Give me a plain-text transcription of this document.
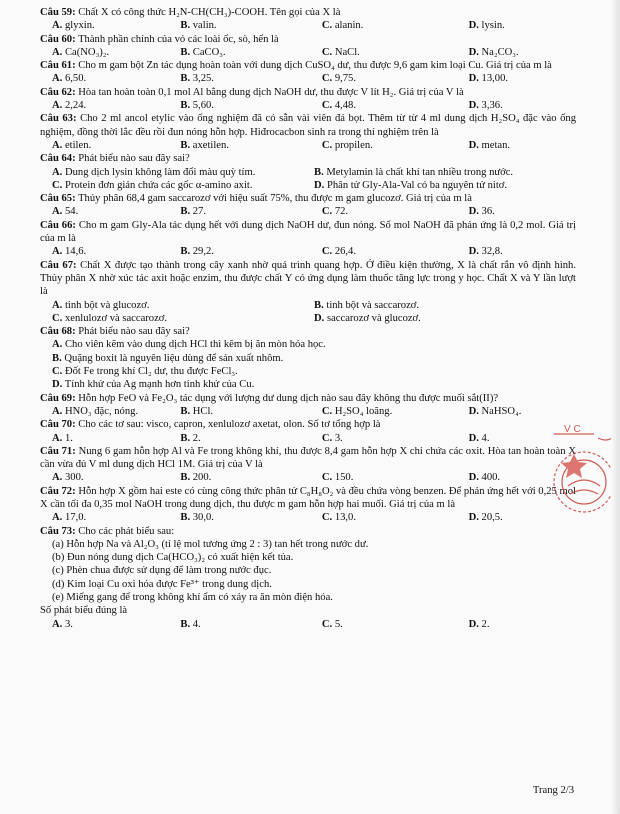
Câu 59: Chất X có công thức H₂N-CH(CH₃)-COOH. Tên gọi của X là

A. glyxin.	B. valin.	C. alanin.	D. lysin.

Câu 60: Thành phần chính của vỏ các loài ốc, sò, hến là

A. Ca(NO₃)₂.	B. CaCO₃.	C. NaCl.	D. Na₂CO₃.

Câu 61: Cho m gam bột Zn tác dụng hoàn toàn với dung dịch CuSO₄ dư, thu được 9,6 gam kim loại Cu. Giá trị của m là

A. 6,50.	B. 3,25.	C. 9,75.	D. 13,00.

Câu 62: Hòa tan hoàn toàn 0,1 mol Al bằng dung dịch NaOH dư, thu được V lít H₂. Giá trị của V là

A. 2,24.	B. 5,60.	C. 4,48.	D. 3,36.

Câu 63: Cho 2 ml ancol etylic vào ống nghiệm đã có sẵn vài viên đá bọt. Thêm từ từ 4 ml dung dịch H₂SO₄ đặc vào ống nghiệm, đồng thời lắc đều rồi đun nóng hỗn hợp. Hiđrocacbon sinh ra trong thí nghiệm trên là

A. etilen.	B. axetilen.	C. propilen.	D. metan.

Câu 64: Phát biểu nào sau đây sai?

A. Dung dịch lysin không làm đổi màu quỳ tím.	B. Metylamin là chất khí tan nhiều trong nước.
C. Protein đơn giản chứa các gốc α-amino axit.	D. Phân tử Gly-Ala-Val có ba nguyên tử nitơ.

Câu 65: Thủy phân 68,4 gam saccarozơ với hiệu suất 75%, thu được m gam glucozơ. Giá trị của m là

A. 54.	B. 27.	C. 72.	D. 36.

Câu 66: Cho m gam Gly-Ala tác dụng hết với dung dịch NaOH dư, đun nóng. Số mol NaOH đã phản ứng là 0,2 mol. Giá trị của m là

A. 14,6.	B. 29,2.	C. 26,4.	D. 32,8.

Câu 67: Chất X được tạo thành trong cây xanh nhờ quá trình quang hợp. Ở điều kiện thường, X là chất rắn vô định hình. Thủy phân X nhờ xúc tác axit hoặc enzim, thu được chất Y có ứng dụng làm thuốc tăng lực trong y học. Chất X và Y lần lượt là

A. tinh bột và glucozơ.	B. tinh bột và saccarozơ.
C. xenlulozơ và saccarozơ.	D. saccarozơ và glucozơ.

Câu 68: Phát biểu nào sau đây sai?

A. Cho viên kẽm vào dung dịch HCl thì kẽm bị ăn mòn hóa học.
B. Quặng boxit là nguyên liệu dùng để sản xuất nhôm.
C. Đốt Fe trong khí Cl₂ dư, thu được FeCl₃.
D. Tính khử của Ag mạnh hơn tính khử của Cu.

Câu 69: Hỗn hợp FeO và Fe₂O₃ tác dụng với lượng dư dung dịch nào sau đây không thu được muối sắt(II)?

A. HNO₃ đặc, nóng.	B. HCl.	C. H₂SO₄ loãng.	D. NaHSO₄.

Câu 70: Cho các tơ sau: visco, capron, xenlulozơ axetat, olon. Số tơ tổng hợp là

A. 1.	B. 2.	C. 3.	D. 4.

Câu 71: Nung 6 gam hỗn hợp Al và Fe trong không khí, thu được 8,4 gam hỗn hợp X chỉ chứa các oxit. Hòa tan hoàn toàn X cần vừa đủ V ml dung dịch HCl 1M. Giá trị của V là

A. 300.	B. 200.	C. 150.	D. 400.

Câu 72: Hỗn hợp X gồm hai este có cùng công thức phân tử C₈H₈O₂ và đều chứa vòng benzen. Để phản ứng hết với 0,25 mol X cần tối đa 0,35 mol NaOH trong dung dịch, thu được m gam hỗn hợp hai muối. Giá trị của m là

A. 17,0.	B. 30,0.	C. 13,0.	D. 20,5.

Câu 73: Cho các phát biểu sau:

(a) Hỗn hợp Na và Al₂O₃ (tỉ lệ mol tương ứng 2 : 3) tan hết trong nước dư.
(b) Đun nóng dung dịch Ca(HCO₃)₂ có xuất hiện kết tủa.
(c) Phèn chua được sử dụng để làm trong nước đục.
(d) Kim loại Cu oxi hóa được Fe³⁺ trong dung dịch.
(e) Miếng gang để trong không khí ẩm có xảy ra ăn mòn điện hóa.
Số phát biểu đúng là
A. 3.	B. 4.	C. 5.	D. 2.
Trang 2/3
V C
